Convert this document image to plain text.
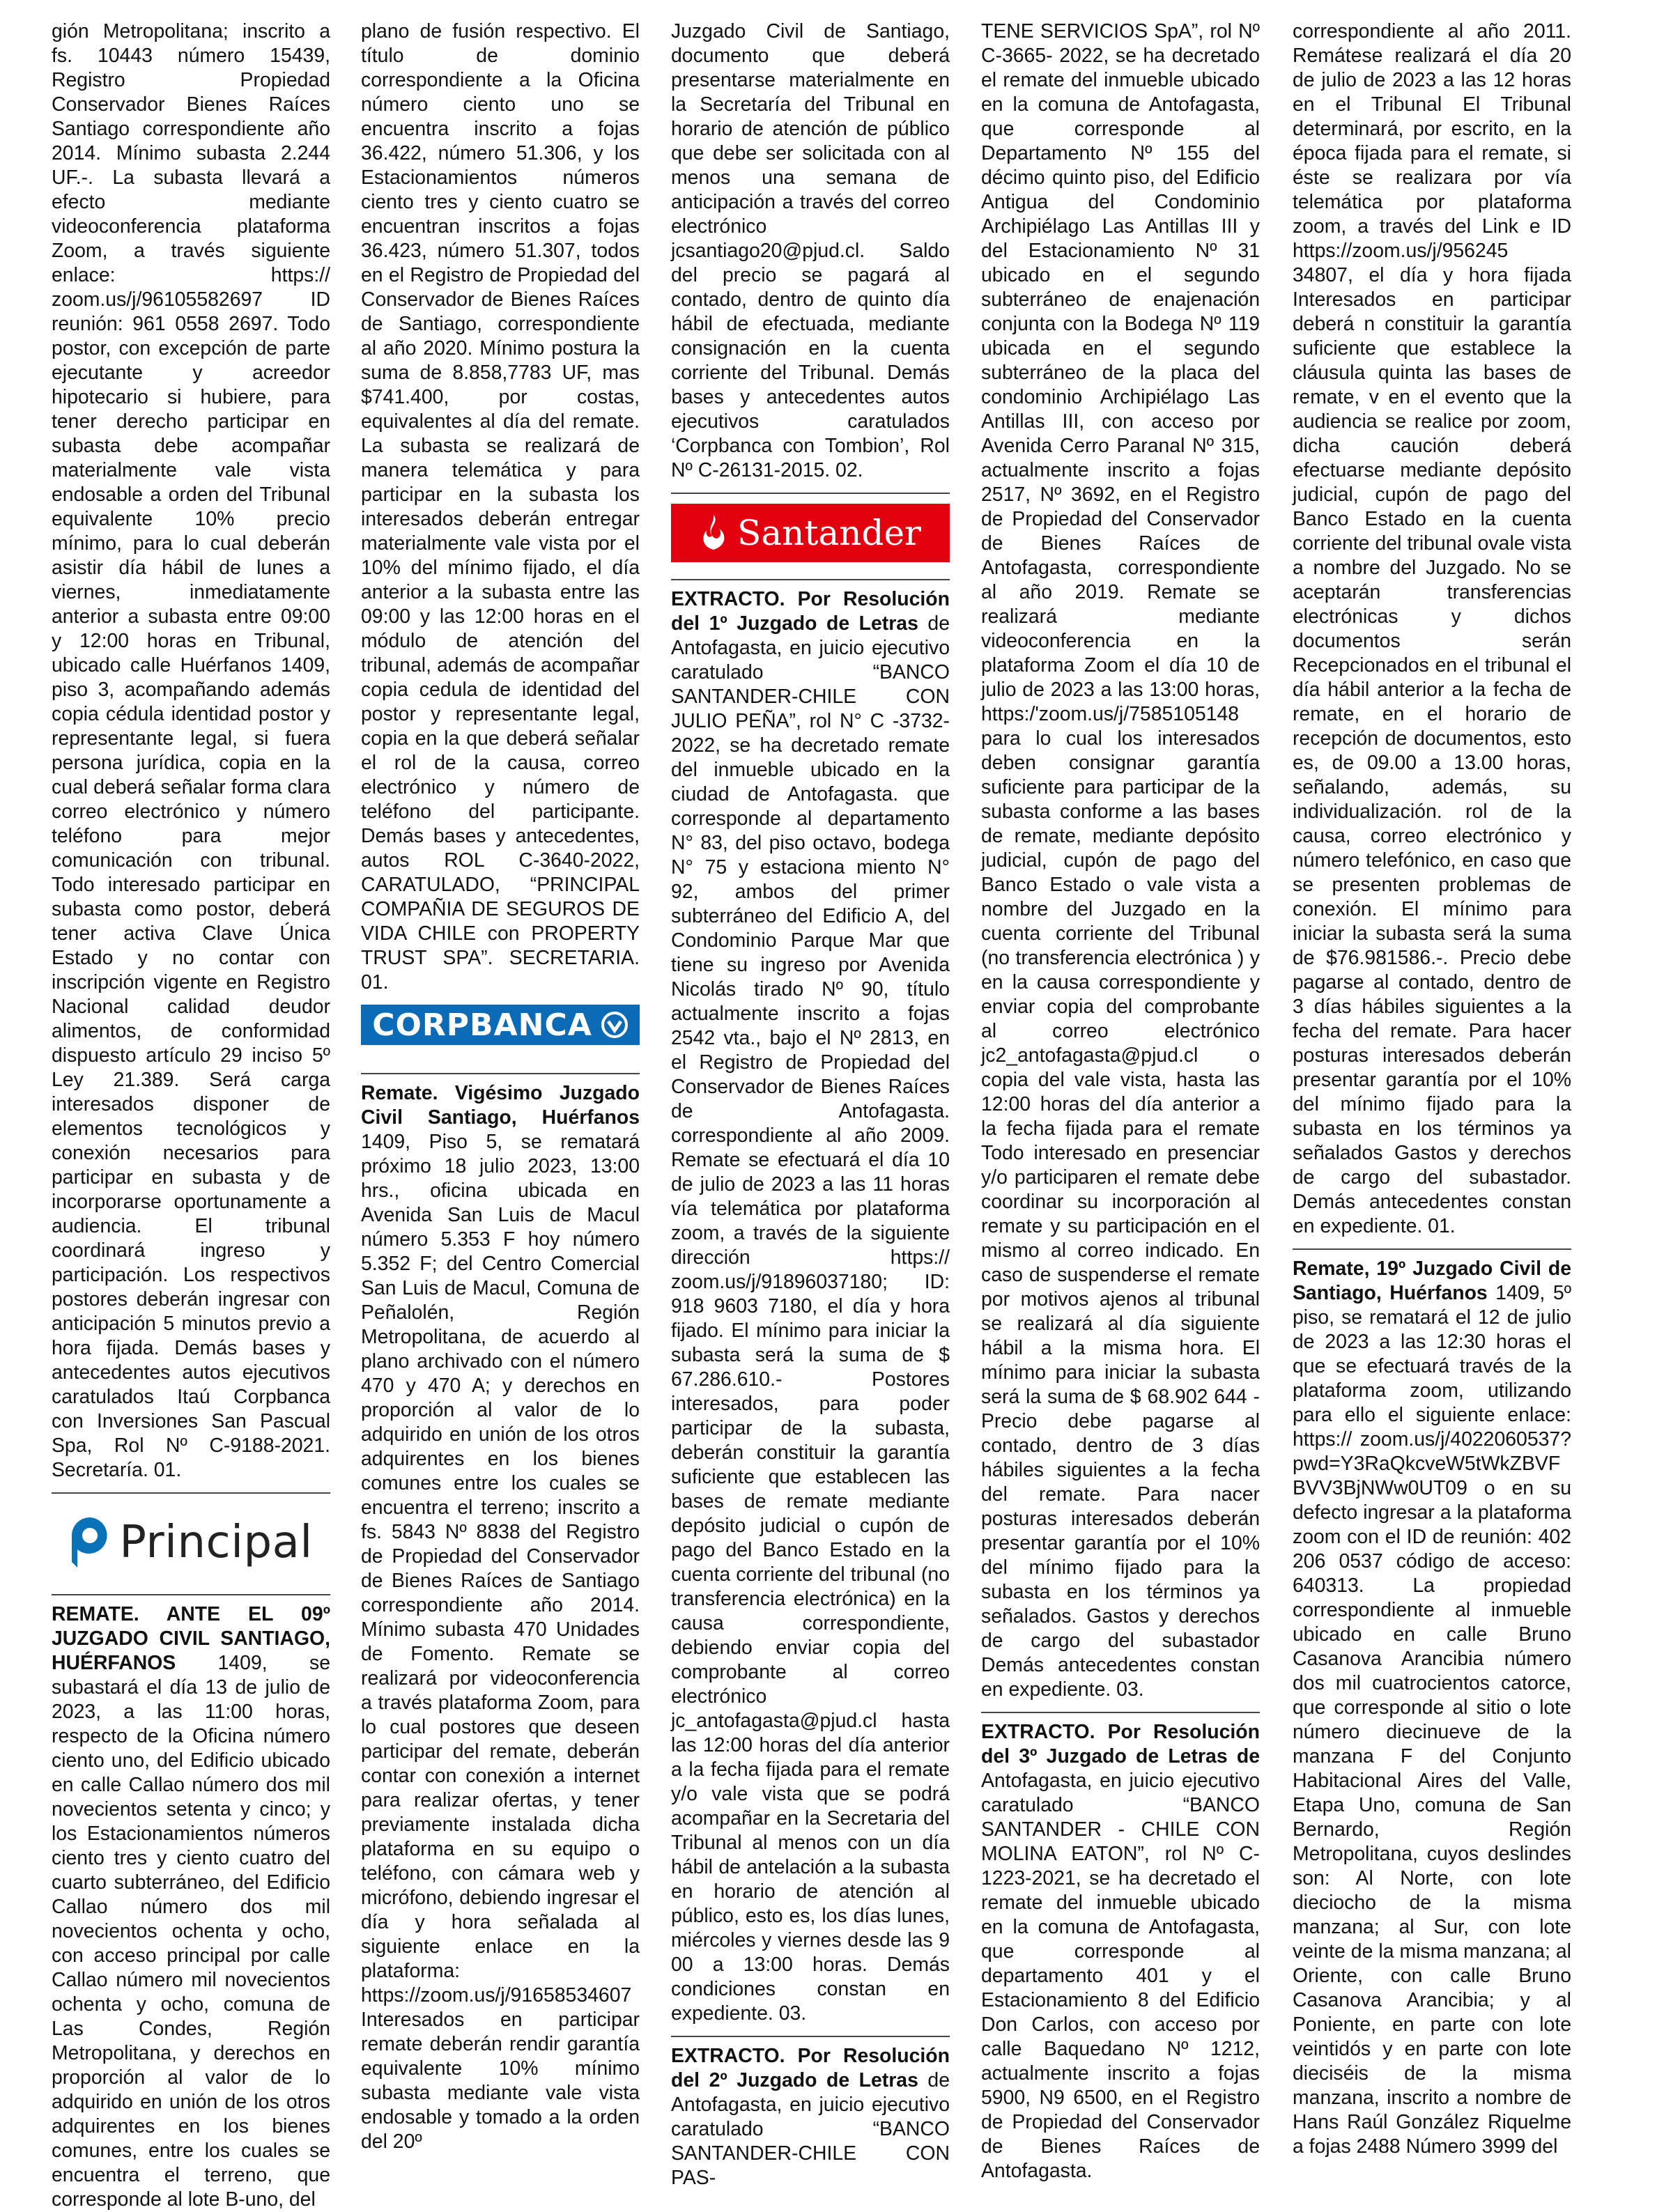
gión Metropolitana; inscrito a fs. 10443 número 15439, Registro Propiedad Conservador Bienes Raíces Santiago correspondiente año 2014. Mínimo subasta 2.244 UF.-. La subasta llevará a efecto mediante videoconferencia plataforma Zoom, a través siguiente enlace: https:// zoom.us/j/96105582697 ID reunión: 961 0558 2697. Todo postor, con excepción de parte ejecutante y acreedor hipotecario si hubiere, para tener derecho participar en subasta debe acompañar materialmente vale vista endosable a orden del Tribunal equivalente 10% precio mínimo, para lo cual deberán asistir día hábil de lunes a viernes, inmediatamente anterior a subasta entre 09:00 y 12:00 horas en Tribunal, ubicado calle Huérfanos 1409, piso 3, acompañando además copia cédula identidad postor y representante legal, si fuera persona jurídica, copia en la cual deberá señalar forma clara correo electrónico y número teléfono para mejor comunicación con tribunal. Todo interesado participar en subasta como postor, deberá tener activa Clave Única Estado y no contar con inscripción vigente en Registro Nacional calidad deudor alimentos, de conformidad dispuesto artículo 29 inciso 5º Ley 21.389. Será carga interesados disponer de elementos tecnológicos y conexión necesarios para participar en subasta y de incorporarse oportunamente a audiencia. El tribunal coordinará ingreso y participación. Los respectivos postores deberán ingresar con anticipación 5 minutos previo a hora fijada. Demás bases y antecedentes autos ejecutivos caratulados Itaú Corpbanca con Inversiones San Pascual Spa, Rol Nº C-9188-2021. Secretaría. 01.

Principal

REMATE. ANTE EL 09º JUZGADO CIVIL SANTIAGO, HUÉRFANOS 1409, se subastará el día 13 de julio de 2023, a las 11:00 horas, respecto de la Oficina número ciento uno, del Edificio ubicado en calle Callao número dos mil novecientos setenta y cinco; y los Estacionamientos números ciento tres y ciento cuatro del cuarto subterráneo, del Edificio Callao número dos mil novecientos ochenta y ocho, con acceso principal por calle Callao número mil novecientos ochenta y ocho, comuna de Las Condes, Región Metropolitana, y derechos en proporción al valor de lo adquirido en unión de los otros adquirentes en los bienes comunes, entre los cuales se encuentra el terreno, que corresponde al lote B-uno, del

plano de fusión respectivo. El título de dominio correspondiente a la Oficina número ciento uno se encuentra inscrito a fojas 36.422, número 51.306, y los Estacionamientos números ciento tres y ciento cuatro se encuentran inscritos a fojas 36.423, número 51.307, todos en el Registro de Propiedad del Conservador de Bienes Raíces de Santiago, correspondiente al año 2020. Mínimo postura la suma de 8.858,7783 UF, mas $741.400, por costas, equivalentes al día del remate. La subasta se realizará de manera telemática y para participar en la subasta los interesados deberán entregar materialmente vale vista por el 10% del mínimo fijado, el día anterior a la subasta entre las 09:00 y las 12:00 horas en el módulo de atención del tribunal, además de acompañar copia cedula de identidad del postor y representante legal, copia en la que deberá señalar el rol de la causa, correo electrónico y número de teléfono del participante. Demás bases y antecedentes, autos ROL C-3640-2022, CARATULADO, “PRINCIPAL COMPAÑIA DE SEGUROS DE VIDA CHILE con PROPERTY TRUST SPA”. SECRETARIA. 01.

CORPBANCA

Remate. Vigésimo Juzgado Civil Santiago, Huérfanos 1409, Piso 5, se rematará próximo 18 julio 2023, 13:00 hrs., oficina ubicada en Avenida San Luis de Macul número 5.353 F hoy número 5.352 F; del Centro Comercial San Luis de Macul, Comuna de Peñalolén, Región Metropolitana, de acuerdo al plano archivado con el número 470 y 470 A; y derechos en proporción al valor de lo adquirido en unión de los otros adquirentes en los bienes comunes entre los cuales se encuentra el terreno; inscrito a fs. 5843 Nº 8838 del Registro de Propiedad del Conservador de Bienes Raíces de Santiago correspondiente año 2014. Mínimo subasta 470 Unidades de Fomento. Remate se realizará por videoconferencia a través plataforma Zoom, para lo cual postores que deseen participar del remate, deberán contar con conexión a internet para realizar ofertas, y tener previamente instalada dicha plataforma en su equipo o teléfono, con cámara web y micrófono, debiendo ingresar el día y hora señalada al siguiente enlace en la plataforma: https://zoom.us/j/91658534607 Interesados en participar remate deberán rendir garantía equivalente 10% mínimo subasta mediante vale vista endosable y tomado a la orden del 20º

Juzgado Civil de Santiago, documento que deberá presentarse materialmente en la Secretaría del Tribunal en horario de atención de público que debe ser solicitada con al menos una semana de anticipación a través del correo electrónico jcsantiago20@pjud.cl. Saldo del precio se pagará al contado, dentro de quinto día hábil de efectuada, mediante consignación en la cuenta corriente del Tribunal. Demás bases y antecedentes autos ejecutivos caratulados ‘Corpbanca con Tombion’, Rol Nº C-26131-2015. 02.

Santander

EXTRACTO. Por Resolución del 1º Juzgado de Letras de Antofagasta, en juicio ejecutivo caratulado “BANCO SANTANDER-CHILE CON JULIO PEÑA”, rol N° C -3732-2022, se ha decretado remate del inmueble ubicado en la ciudad de Antofagasta. que corresponde al departamento N° 83, del piso octavo, bodega N° 75 y estaciona miento N° 92, ambos del primer subterráneo del Edificio A, del Condominio Parque Mar que tiene su ingreso por Avenida Nicolás tirado Nº 90, título actualmente inscrito a fojas 2542 vta., bajo el Nº 2813, en el Registro de Propiedad del Conservador de Bienes Raíces de Antofagasta. correspondiente al año 2009. Remate se efectuará el día 10 de julio de 2023 a las 11 horas vía telemática por plataforma zoom, a través de la siguiente dirección https:// zoom.us/j/91896037180; ID: 918 9603 7180, el día y hora fijado. El mínimo para iniciar la subasta será la suma de $ 67.286.610.- Postores interesados, para poder participar de la subasta, deberán constituir la garantía suficiente que establecen las bases de remate mediante depósito judicial o cupón de pago del Banco Estado en la cuenta corriente del tribunal (no transferencia electrónica) en la causa correspondiente, debiendo enviar copia del comprobante al correo electrónico jc_antofagasta@pjud.cl hasta las 12:00 horas del día anterior a la fecha fijada para el remate y/o vale vista que se podrá acompañar en la Secretaria del Tribunal al menos con un día hábil de antelación a la subasta en horario de atención al público, esto es, los días lunes, miércoles y viernes desde las 9 00 a 13:00 horas. Demás condiciones constan en expediente. 03.

EXTRACTO. Por Resolución del 2º Juzgado de Letras de Antofagasta, en juicio ejecutivo caratulado “BANCO SANTANDER-CHILE CON PAS-

TENE SERVICIOS SpA”, rol Nº C-3665- 2022, se ha decretado el remate del inmueble ubicado en la comuna de Antofagasta, que corresponde al Departamento Nº 155 del décimo quinto piso, del Edificio Antigua del Condominio Archipiélago Las Antillas III y del Estacionamiento Nº 31 ubicado en el segundo subterráneo de enajenación conjunta con la Bodega Nº 119 ubicada en el segundo subterráneo de la placa del condominio Archipiélago Las Antillas III, con acceso por Avenida Cerro Paranal Nº 315, actualmente inscrito a fojas 2517, Nº 3692, en el Registro de Propiedad del Conservador de Bienes Raíces de Antofagasta, correspondiente al año 2019. Remate se realizará mediante videoconferencia en la plataforma Zoom el día 10 de julio de 2023 a las 13:00 horas, https:/'zoom.us/j/7585105148 para lo cual los interesados deben consignar garantía suficiente para participar de la subasta conforme a las bases de remate, mediante depósito judicial, cupón de pago del Banco Estado o vale vista a nombre del Juzgado en la cuenta corriente del Tribunal (no transferencia electrónica ) y en la causa correspondiente y enviar copia del comprobante al correo electrónico jc2_antofagasta@pjud.cl o copia del vale vista, hasta las 12:00 horas del día anterior a la fecha fijada para el remate Todo interesado en presenciar y/o participaren el remate debe coordinar su incorporación al remate y su participación en el mismo al correo indicado. En caso de suspenderse el remate por motivos ajenos al tribunal se realizará al día siguiente hábil a la misma hora. El mínimo para iniciar la subasta será la suma de $ 68.902 644 - Precio debe pagarse al contado, dentro de 3 días hábiles siguientes a la fecha del remate. Para nacer posturas interesados deberán presentar garantía por el 10% del mínimo fijado para la subasta en los términos ya señalados. Gastos y derechos de cargo del subastador Demás antecedentes constan en expediente. 03.

EXTRACTO. Por Resolución del 3º Juzgado de Letras de Antofagasta, en juicio ejecutivo caratulado “BANCO SANTANDER - CHILE CON MOLINA EATON”, rol Nº C-1223-2021, se ha decretado el remate del inmueble ubicado en la comuna de Antofagasta, que corresponde al departamento 401 y el Estacionamiento 8 del Edificio Don Carlos, con acceso por calle Baquedano Nº 1212, actualmente inscrito a fojas 5900, N9 6500, en el Registro de Propiedad del Conservador de Bienes Raíces de Antofagasta.

correspondiente al año 2011. Remátese realizará el día 20 de julio de 2023 a las 12 horas en el Tribunal El Tribunal determinará, por escrito, en la época fijada para el remate, si éste se realizara por vía telemática por plataforma zoom, a través del Link e ID https://zoom.us/j/956245 34807, el día y hora fijada Interesados en participar deberá n constituir la garantía suficiente que establece la cláusula quinta las bases de remate, v en el evento que la audiencia se realice por zoom, dicha caución deberá efectuarse mediante depósito judicial, cupón de pago del Banco Estado en la cuenta corriente del tribunal ovale vista a nombre del Juzgado. No se aceptarán transferencias electrónicas y dichos documentos serán Recepcionados en el tribunal el día hábil anterior a la fecha de remate, en el horario de recepción de documentos, esto es, de 09.00 a 13.00 horas, señalando, además, su individualización. rol de la causa, correo electrónico y número telefónico, en caso que se presenten problemas de conexión. El mínimo para iniciar la subasta será la suma de $76.981586.-. Precio debe pagarse al contado, dentro de 3 días hábiles siguientes a la fecha del remate. Para hacer posturas interesados deberán presentar garantía por el 10% del mínimo fijado para la subasta en los términos ya señalados Gastos y derechos de cargo del subastador. Demás antecedentes constan en expediente. 01.

Remate, 19º Juzgado Civil de Santiago, Huérfanos 1409, 5º piso, se rematará el 12 de julio de 2023 a las 12:30 horas el que se efectuará través de la plataforma zoom, utilizando para ello el siguiente enlace: https:// zoom.us/j/4022060537?pwd=Y3RaQkcveW5tWkZBVFBVV3BjNWw0UT09 o en su defecto ingresar a la plataforma zoom con el ID de reunión: 402 206 0537 código de acceso: 640313. La propiedad correspondiente al inmueble ubicado en calle Bruno Casanova Arancibia número dos mil cuatrocientos catorce, que corresponde al sitio o lote número diecinueve de la manzana F del Conjunto Habitacional Aires del Valle, Etapa Uno, comuna de San Bernardo, Región Metropolitana, cuyos deslindes son: Al Norte, con lote dieciocho de la misma manzana; al Sur, con lote veinte de la misma manzana; al Oriente, con calle Bruno Casanova Arancibia; y al Poniente, en parte con lote veintidós y en parte con lote dieciséis de la misma manzana, inscrito a nombre de Hans Raúl González Riquelme a fojas 2488 Número 3999 del
